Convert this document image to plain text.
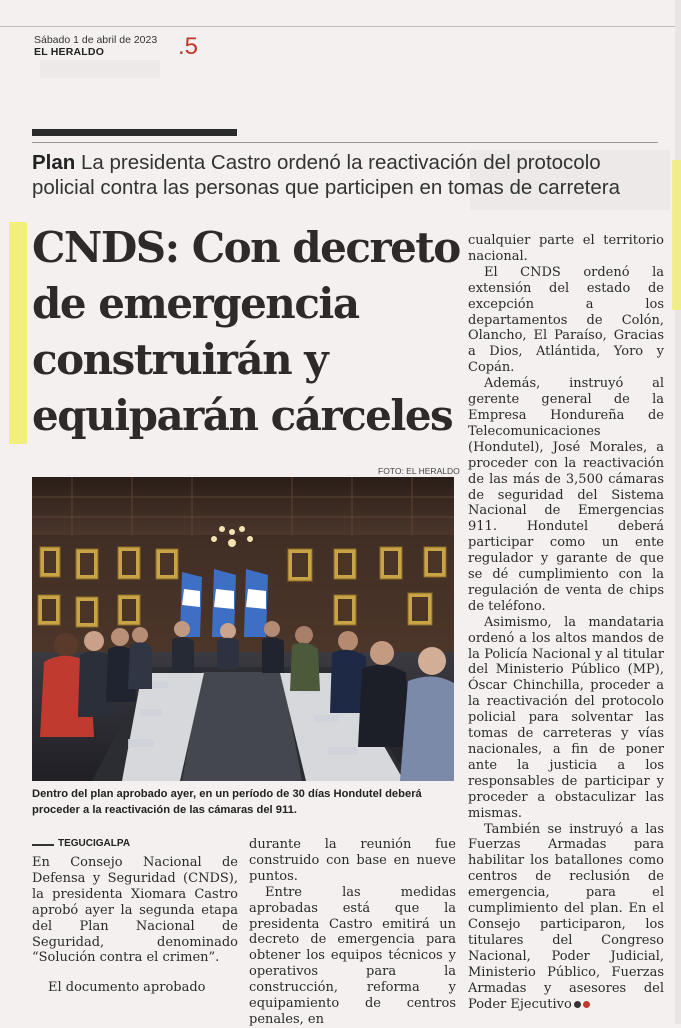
Sábado 1 de abril de 2023
EL HERALDO	.5
Plan La presidenta Castro ordenó la reactivación del protocolo policial contra las personas que participen en tomas de carretera
CNDS: Con decreto de emergencia construirán y equiparán cárceles
FOTO: EL HERALDO
Dentro del plan aprobado ayer, en un período de 30 días Hondutel deberá proceder a la reactivación de las cámaras del 911.
TEGUCIGALPA

En Consejo Nacional de Defensa y Seguridad (CNDS), la presidenta Xiomara Castro aprobó ayer la segunda etapa del Plan Nacional de Seguridad, denominado “Solución contra el crimen”.

El documento aprobado

durante la reunión fue construido con base en nueve puntos.

Entre las medidas aprobadas está que la presidenta Castro emitirá un decreto de emergencia para obtener los equipos técnicos y operativos para la construcción, reforma y equipamiento de centros penales, en

cualquier parte el territorio nacional.

El CNDS ordenó la extensión del estado de excepción a los departamentos de Colón, Olancho, El Paraíso, Gracias a Dios, Atlántida, Yoro y Copán.

Además, instruyó al gerente general de la Empresa Hondureña de Telecomunicaciones (Hondutel), José Morales, a proceder con la reactivación de las más de 3,500 cámaras de seguridad del Sistema Nacional de Emergencias 911. Hondutel deberá participar como un ente regulador y garante de que se dé cumplimiento con la regulación de venta de chips de teléfono.

Asimismo, la mandataria ordenó a los altos mandos de la Policía Nacional y al titular del Ministerio Público (MP), Óscar Chinchilla, proceder a la reactivación del protocolo policial para solventar las tomas de carreteras y vías nacionales, a fin de poner ante la justicia a los responsables de participar y proceder a obstaculizar las mismas.

También se instruyó a las Fuerzas Armadas para habilitar los batallones como centros de reclusión de emergencia, para el cumplimiento del plan. En el Consejo participaron, los titulares del Congreso Nacional, Poder Judicial, Ministerio Público, Fuerzas Armadas y asesores del Poder Ejecutivo
